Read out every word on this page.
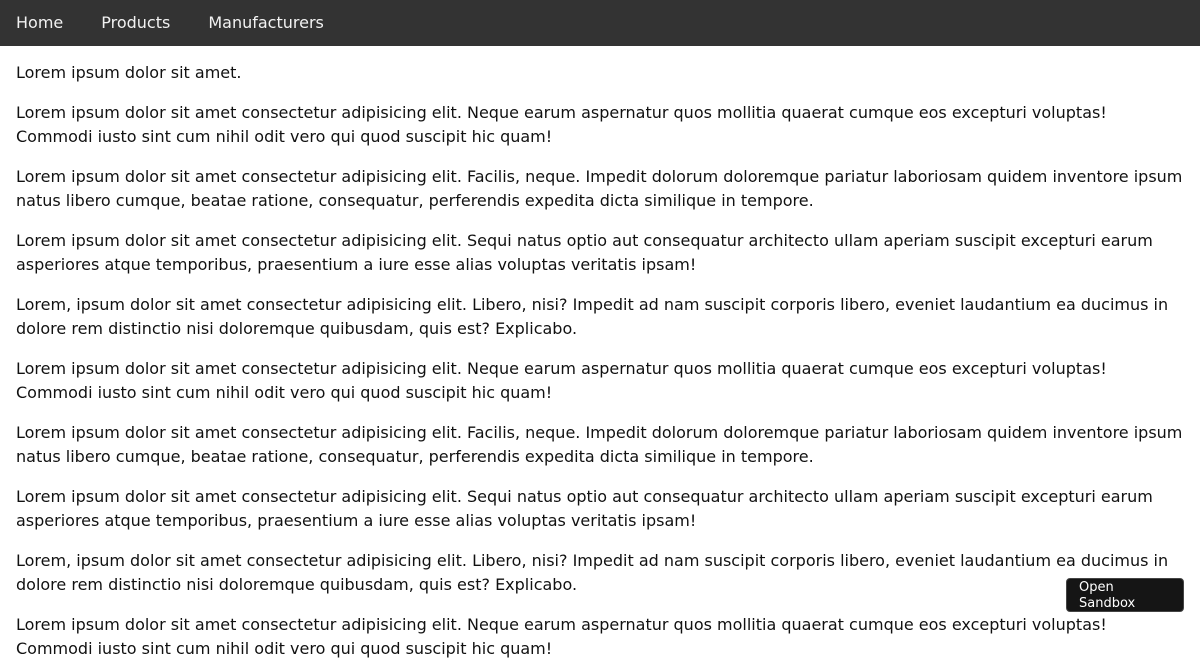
Home Products Manufacturers

Lorem ipsum dolor sit amet.

Lorem ipsum dolor sit amet consectetur adipisicing elit. Neque earum aspernatur quos mollitia quaerat cumque eos excepturi voluptas! Commodi iusto sint cum nihil odit vero qui quod suscipit hic quam!

Lorem ipsum dolor sit amet consectetur adipisicing elit. Facilis, neque. Impedit dolorum doloremque pariatur laboriosam quidem inventore ipsum natus libero cumque, beatae ratione, consequatur, perferendis expedita dicta similique in tempore.

Lorem ipsum dolor sit amet consectetur adipisicing elit. Sequi natus optio aut consequatur architecto ullam aperiam suscipit excepturi earum asperiores atque temporibus, praesentium a iure esse alias voluptas veritatis ipsam!

Lorem, ipsum dolor sit amet consectetur adipisicing elit. Libero, nisi? Impedit ad nam suscipit corporis libero, eveniet laudantium ea ducimus in dolore rem distinctio nisi doloremque quibusdam, quis est? Explicabo.

Lorem ipsum dolor sit amet consectetur adipisicing elit. Neque earum aspernatur quos mollitia quaerat cumque eos excepturi voluptas! Commodi iusto sint cum nihil odit vero qui quod suscipit hic quam!

Lorem ipsum dolor sit amet consectetur adipisicing elit. Facilis, neque. Impedit dolorum doloremque pariatur laboriosam quidem inventore ipsum natus libero cumque, beatae ratione, consequatur, perferendis expedita dicta similique in tempore.

Lorem ipsum dolor sit amet consectetur adipisicing elit. Sequi natus optio aut consequatur architecto ullam aperiam suscipit excepturi earum asperiores atque temporibus, praesentium a iure esse alias voluptas veritatis ipsam!

Lorem, ipsum dolor sit amet consectetur adipisicing elit. Libero, nisi? Impedit ad nam suscipit corporis libero, eveniet laudantium ea ducimus in dolore rem distinctio nisi doloremque quibusdam, quis est? Explicabo.

Lorem ipsum dolor sit amet consectetur adipisicing elit. Neque earum aspernatur quos mollitia quaerat cumque eos excepturi voluptas! Commodi iusto sint cum nihil odit vero qui quod suscipit hic quam!

Open Sandbox
